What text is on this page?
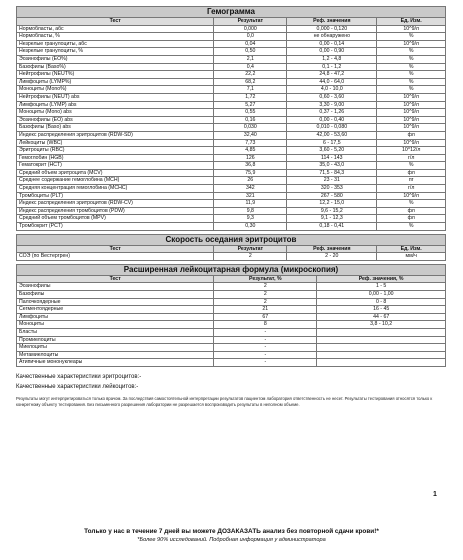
Гемограмма			
Тест	Результат	Реф. значения	Ед. Изм.
Нормобласты, абс	0,000	0,000 - 0,120	10^9/л
Нормобласты, %	0,0	не обнаружено	%
Незрелые гранулоциты, абс	0,04	0,00 - 0,14	10^9/л
Незрелые гранулоциты, %	0,50	0,00 - 0,90	%
Эозинофилы (EO%)	2,1	1,2 - 4,8	%
Базофилы (Baso%)	0,4	0,1 - 1,2	%
Нейтрофилы (NEUT%)	22,2	24,8 - 47,2	%
Лимфоциты (LYMP%)	68,2	44,0 - 64,0	%
Моноциты (Mono%)	7,1	4,0 - 10,0	%
Нейтрофилы (NEUT) abs	1,72	0,60 - 3,60	10^9/л
Лимфоциты (LYMP) abs	5,27	3,30 - 9,00	10^9/л
Моноциты (Mono) abs	0,55	0,37 - 1,26	10^9/л
Эозинофилы (EO) abs	0,16	0,00 - 0,40	10^9/л
Базофилы (Baso) abs	0,030	0,010 - 0,080	10^9/л
Индекс распределения эритроцитов (RDW-SD)	32,40	42,00 - 53,60	фл
Лейкоциты (WBC)	7,73	6 - 17,5	10^9/л
Эритроциты (RBC)	4,85	3,60 - 5,20	10^12/л
Гемоглобин (HGB)	126	114 - 143	г/л
Гематокрит (HCT)	36,8	35,0 - 43,0	%
Средний объем эритроцита (MCV)	75,9	71,5 - 84,3	фл
Среднее содержание гемоглобина (MCH)	26	23 - 31	пг
Средняя концентрация гемоглобина (MCHC)	342	320 - 353	г/л
Тромбоциты (PLT)	321	267 - 580	10^9/л
Индекс распределения эритроцитов (RDW-CV)	11,9	12,2 - 15,0	%
Индекс распределения тромбоцитов (PDW)	9,8	9,6 - 15,2	фл
Средний объем тромбоцитов (MPV)	9,3	9,1 - 12,3	фл
Тромбокрит (PCT)	0,30	0,18 - 0,41	%
Скорость оседания эритроцитов			
Тест	Результат	Реф. значения	Ед. Изм.
СОЭ (по Вестергрен)	2	2 - 20	мм/ч
Расширенная лейкоцитарная формула (микроскопия)		
Тест	Результат, %	Реф. значения, %
Эозинофилы	2	1 - 5
Базофилы	2	0,00 - 1,00
Палочкоядерные	2	0 - 8
Сегментоядерные	21	16 - 45
Лимфоциты	67	44 - 67
Моноциты	8	3,8 - 10,2
Бласты	-	
Промиелоциты	-	
Миелоциты	-	
Метамиелоциты	-	
Атипичные мононуклеары	-	
Качественные характеристики эритроцитов:-
Качественные характеристики лейкоцитов:-
Результаты могут интерпретироваться только врачом. За последствия самостоятельной интерпретации результатов пациентом лаборатория ответственность не несет. Результаты тестирования относятся только к конкретному объекту тестирования. Без письменного разрешения лаборатории не разрешается воспроизводить результаты в неполном объеме.
1
Только у нас в течение 7 дней вы можете ДОЗАКАЗАТЬ анализ без повторной сдачи крови!*
*Более 90% исследований. Подробная информация у администратора
